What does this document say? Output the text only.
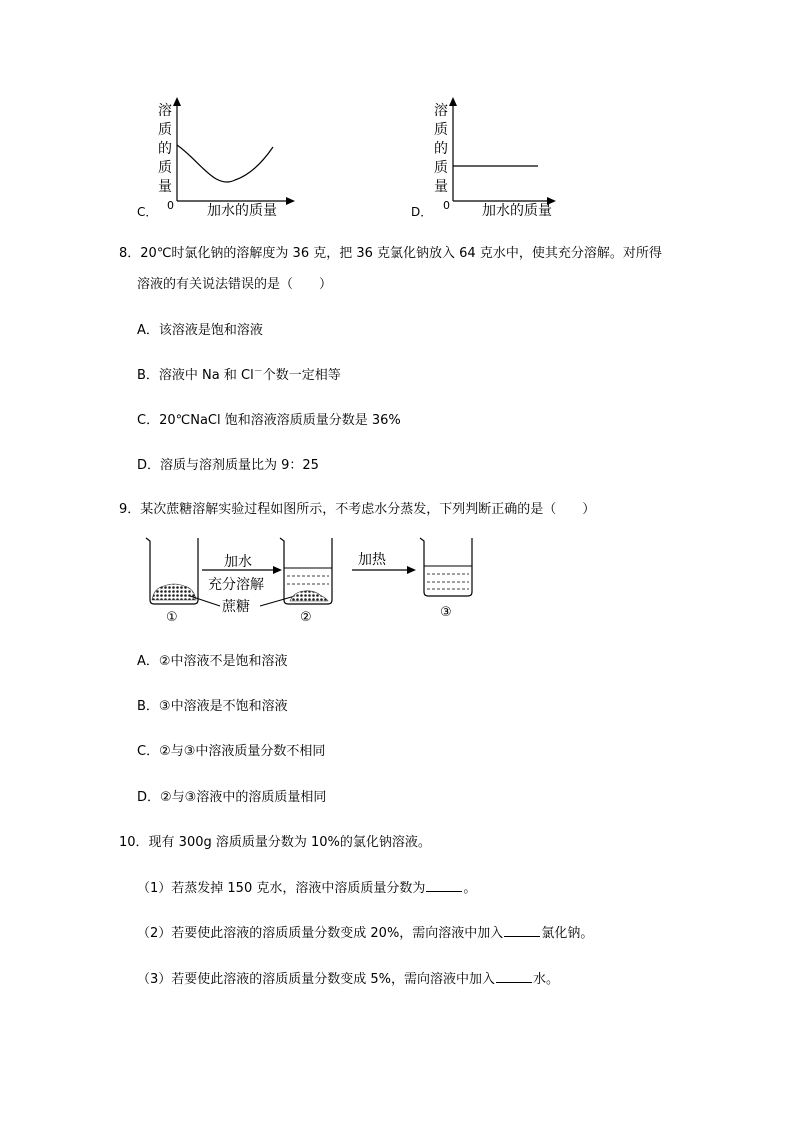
溶
质
的
质
量
0
C．	加水的质量
溶
质
的
质
量
0
D．	加水的质量
8．20℃时氯化钠的溶解度为 36 克，把 36 克氯化钠放入 64 克水中，使其充分溶解。对所得
溶液的有关说法错误的是（　　）
A．该溶液是饱和溶液
B．溶液中 Na 和 Cl－个数一定相等
C．20℃NaCl 饱和溶液溶质质量分数是 36%
D．溶质与溶剂质量比为 9：25
9．某次蔗糖溶解实验过程如图所示，不考虑水分蒸发，下列判断正确的是（　　）
①
加水
充分溶解
蔗糖
②
加热
③
A．②中溶液不是饱和溶液
B．③中溶液是不饱和溶液
C．②与③中溶液质量分数不相同
D．②与③溶液中的溶质质量相同
10．现有 300g 溶质质量分数为 10%的氯化钠溶液。
（1）若蒸发掉 150 克水，溶液中溶质质量分数为	。
（2）若要使此溶液的溶质质量分数变成 20%，需向溶液中加入	氯化钠。
（3）若要使此溶液的溶质质量分数变成 5%，需向溶液中加入	水。
